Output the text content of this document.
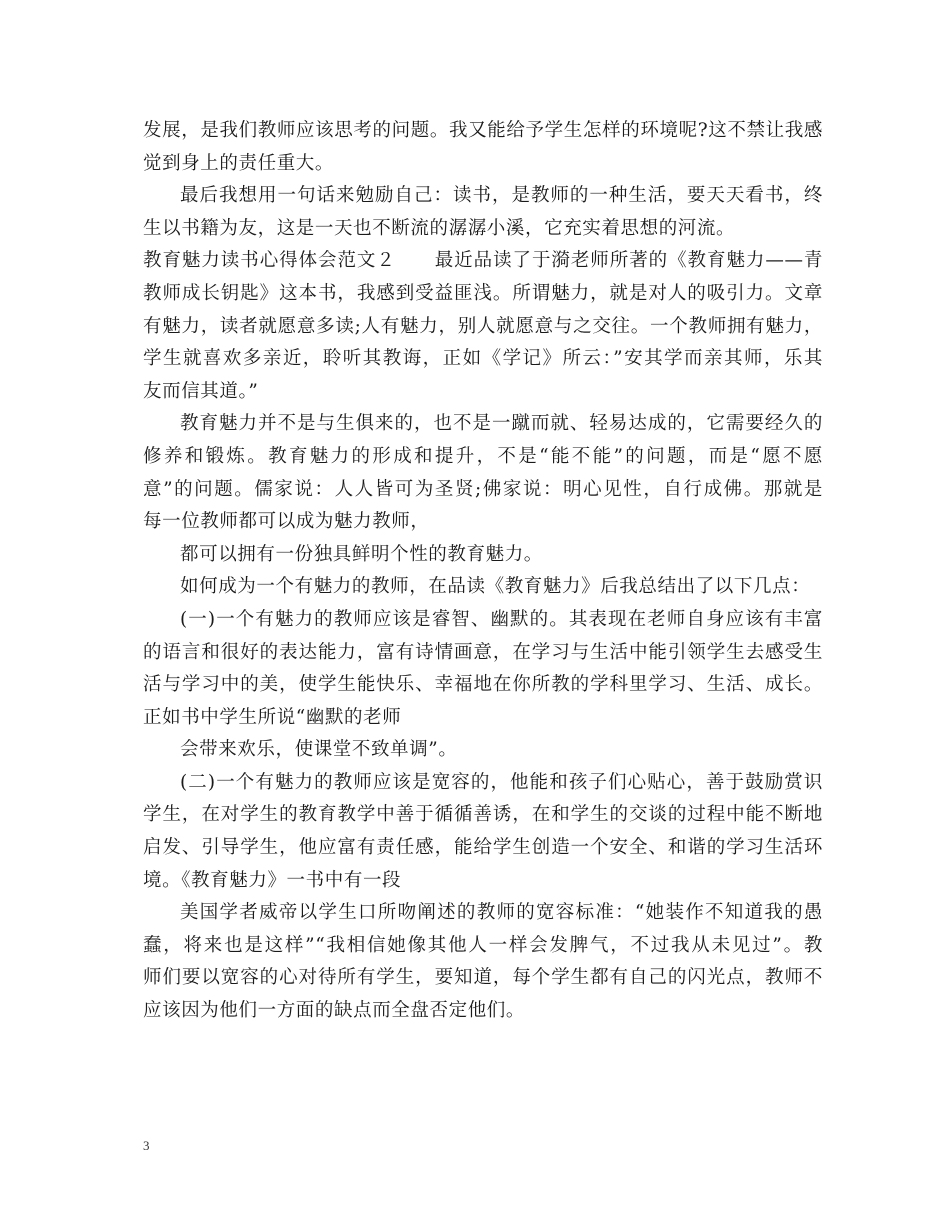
发展，是我们教师应该思考的问题。我又能给予学生怎样的环境呢?这不禁让我感
觉到身上的责任重大。
最后我想用一句话来勉励自己：读书，是教师的一种生活，要天天看书，终
生以书籍为友，这是一天也不断流的潺潺小溪，它充实着思想的河流。
教育魅力读书心得体会范文２　　最近品读了于漪老师所著的《教育魅力——青
教师成长钥匙》这本书，我感到受益匪浅。所谓魅力，就是对人的吸引力。文章
有魅力，读者就愿意多读;人有魅力，别人就愿意与之交往。一个教师拥有魅力，
学生就喜欢多亲近，聆听其教诲，正如《学记》所云：”安其学而亲其师，乐其
友而信其道。”
教育魅力并不是与生俱来的，也不是一蹴而就、轻易达成的，它需要经久的
修养和锻炼。教育魅力的形成和提升，不是“能不能”的问题，而是“愿不愿
意”的问题。儒家说：人人皆可为圣贤;佛家说：明心见性，自行成佛。那就是
每一位教师都可以成为魅力教师，
都可以拥有一份独具鲜明个性的教育魅力。
如何成为一个有魅力的教师，在品读《教育魅力》后我总结出了以下几点：
(一)一个有魅力的教师应该是睿智、幽默的。其表现在老师自身应该有丰富
的语言和很好的表达能力，富有诗情画意，在学习与生活中能引领学生去感受生
活与学习中的美，使学生能快乐、幸福地在你所教的学科里学习、生活、成长。
正如书中学生所说“幽默的老师
会带来欢乐，使课堂不致单调”。
(二)一个有魅力的教师应该是宽容的，他能和孩子们心贴心，善于鼓励赏识
学生，在对学生的教育教学中善于循循善诱，在和学生的交谈的过程中能不断地
启发、引导学生，他应富有责任感，能给学生创造一个安全、和谐的学习生活环
境。《教育魅力》一书中有一段
美国学者威帝以学生口所吻阐述的教师的宽容标准：“她装作不知道我的愚
蠢，将来也是这样”“我相信她像其他人一样会发脾气，不过我从未见过”。教
师们要以宽容的心对待所有学生，要知道，每个学生都有自己的闪光点，教师不
应该因为他们一方面的缺点而全盘否定他们。
3
